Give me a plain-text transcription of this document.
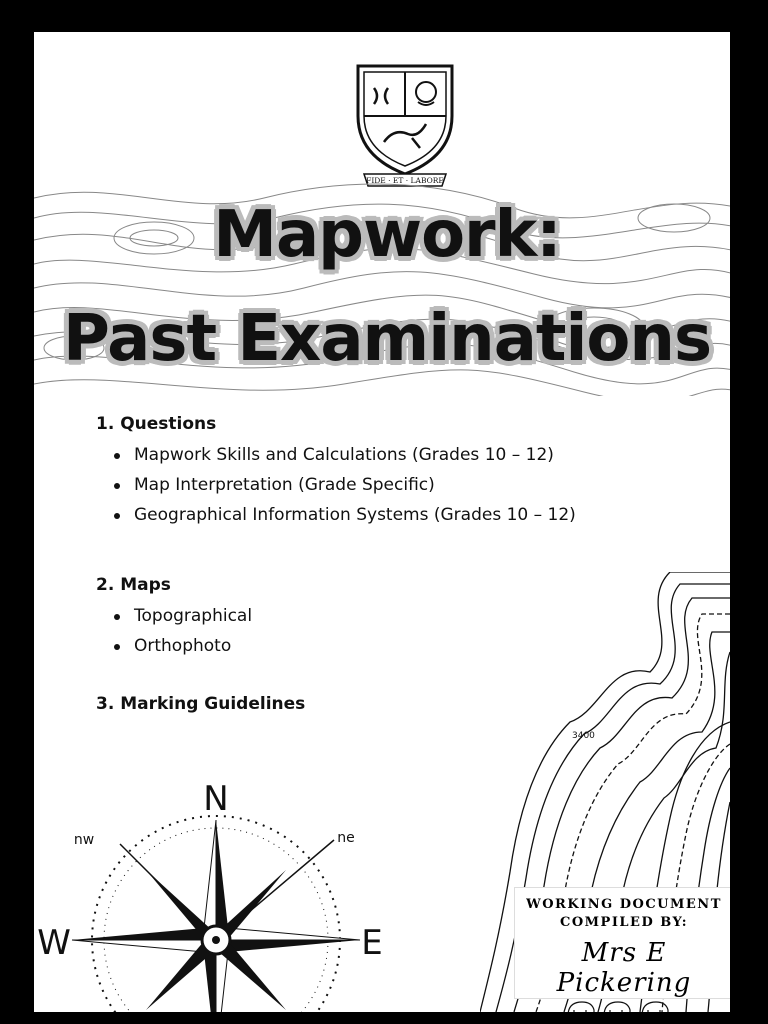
FIDE · ET · LABORE
Mapwork:
Past Examinations
3400
1. Questions
Mapwork Skills and Calculations (Grades 10 – 12)
Map Interpretation (Grade Specific)
Geographical Information Systems (Grades 10 – 12)
2. Maps
Topographical
Orthophoto
3. Marking Guidelines
N
E
W
nw	ne
WORKING DOCUMENT
COMPILED BY:
Mrs E Pickering
